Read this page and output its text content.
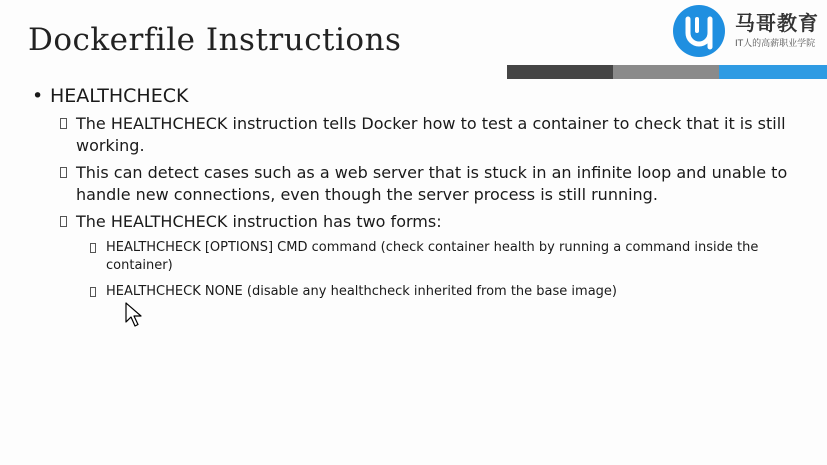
Dockerfile Instructions	马哥教育
IT人的高薪职业学院
• HEALTHCHECK
The HEALTHCHECK instruction tells Docker how to test a container to check that it is still working.
This can detect cases such as a web server that is stuck in an infinite loop and unable to handle new connections, even though the server process is still running.
The HEALTHCHECK instruction has two forms:
HEALTHCHECK [OPTIONS] CMD command (check container health by running a command inside the container)
HEALTHCHECK NONE (disable any healthcheck inherited from the base image)
